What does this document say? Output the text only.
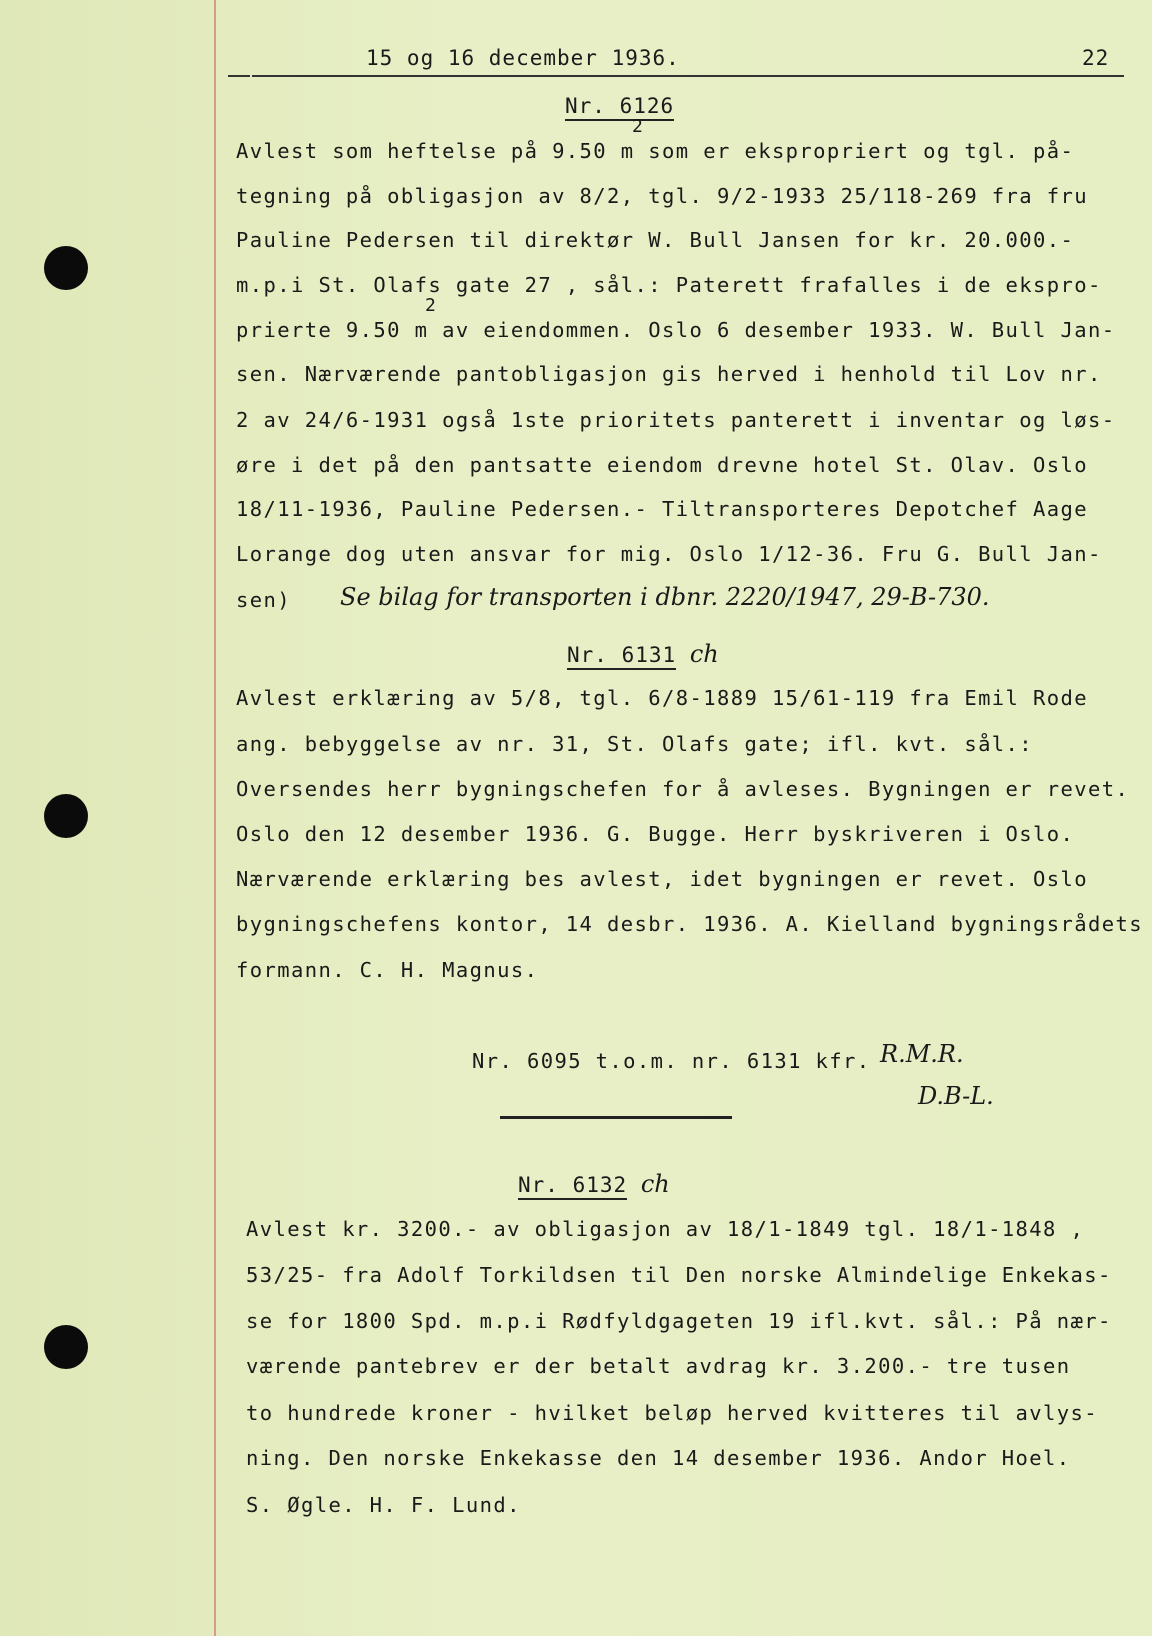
15 og 16 december 1936.	22
Nr. 6126
2
2
Avlest som heftelse på 9.50 m som er ekspropriert og tgl. på-
tegning på obligasjon av 8/2, tgl. 9/2-1933 25/118-269 fra fru
Pauline Pedersen til direktør W. Bull Jansen for kr. 20.000.-
m.p.i St. Olafs gate 27 , sål.: Paterett frafalles i de ekspro-
prierte 9.50 m av eiendommen. Oslo 6 desember 1933. W. Bull Jan-
sen. Nærværende pantobligasjon gis herved i henhold til Lov nr.
2 av 24/6-1931 også 1ste prioritets panterett i inventar og løs-
øre i det på den pantsatte eiendom drevne hotel St. Olav. Oslo
18/11-1936, Pauline Pedersen.- Tiltransporteres Depotchef Aage
Lorange dog uten ansvar for mig. Oslo 1/12-36. Fru G. Bull Jan-
sen) Se bilag for transporten i dbnr. 2220/1947, 29-B-730.
Nr. 6131 ch
Avlest erklæring av 5/8, tgl. 6/8-1889 15/61-119 fra Emil Rode
ang. bebyggelse av nr. 31, St. Olafs gate; ifl. kvt. sål.:
Oversendes herr bygningschefen for å avleses. Bygningen er revet.
Oslo den 12 desember 1936. G. Bugge. Herr byskriveren i Oslo.
Nærværende erklæring bes avlest, idet bygningen er revet. Oslo
bygningschefens kontor, 14 desbr. 1936. A. Kielland bygningsrådets
formann. C. H. Magnus.
Nr. 6095 t.o.m. nr. 6131 kfr. R.M.R.
D.B-L.
Nr. 6132 ch
Avlest kr. 3200.- av obligasjon av 18/1-1849 tgl. 18/1-1848 ,
53/25- fra Adolf Torkildsen til Den norske Almindelige Enkekas-
se for 1800 Spd. m.p.i Rødfyldgageten 19 ifl.kvt. sål.: På nær-
værende pantebrev er der betalt avdrag kr. 3.200.- tre tusen
to hundrede kroner - hvilket beløp herved kvitteres til avlys-
ning. Den norske Enkekasse den 14 desember 1936. Andor Hoel.
S. Øgle. H. F. Lund.
